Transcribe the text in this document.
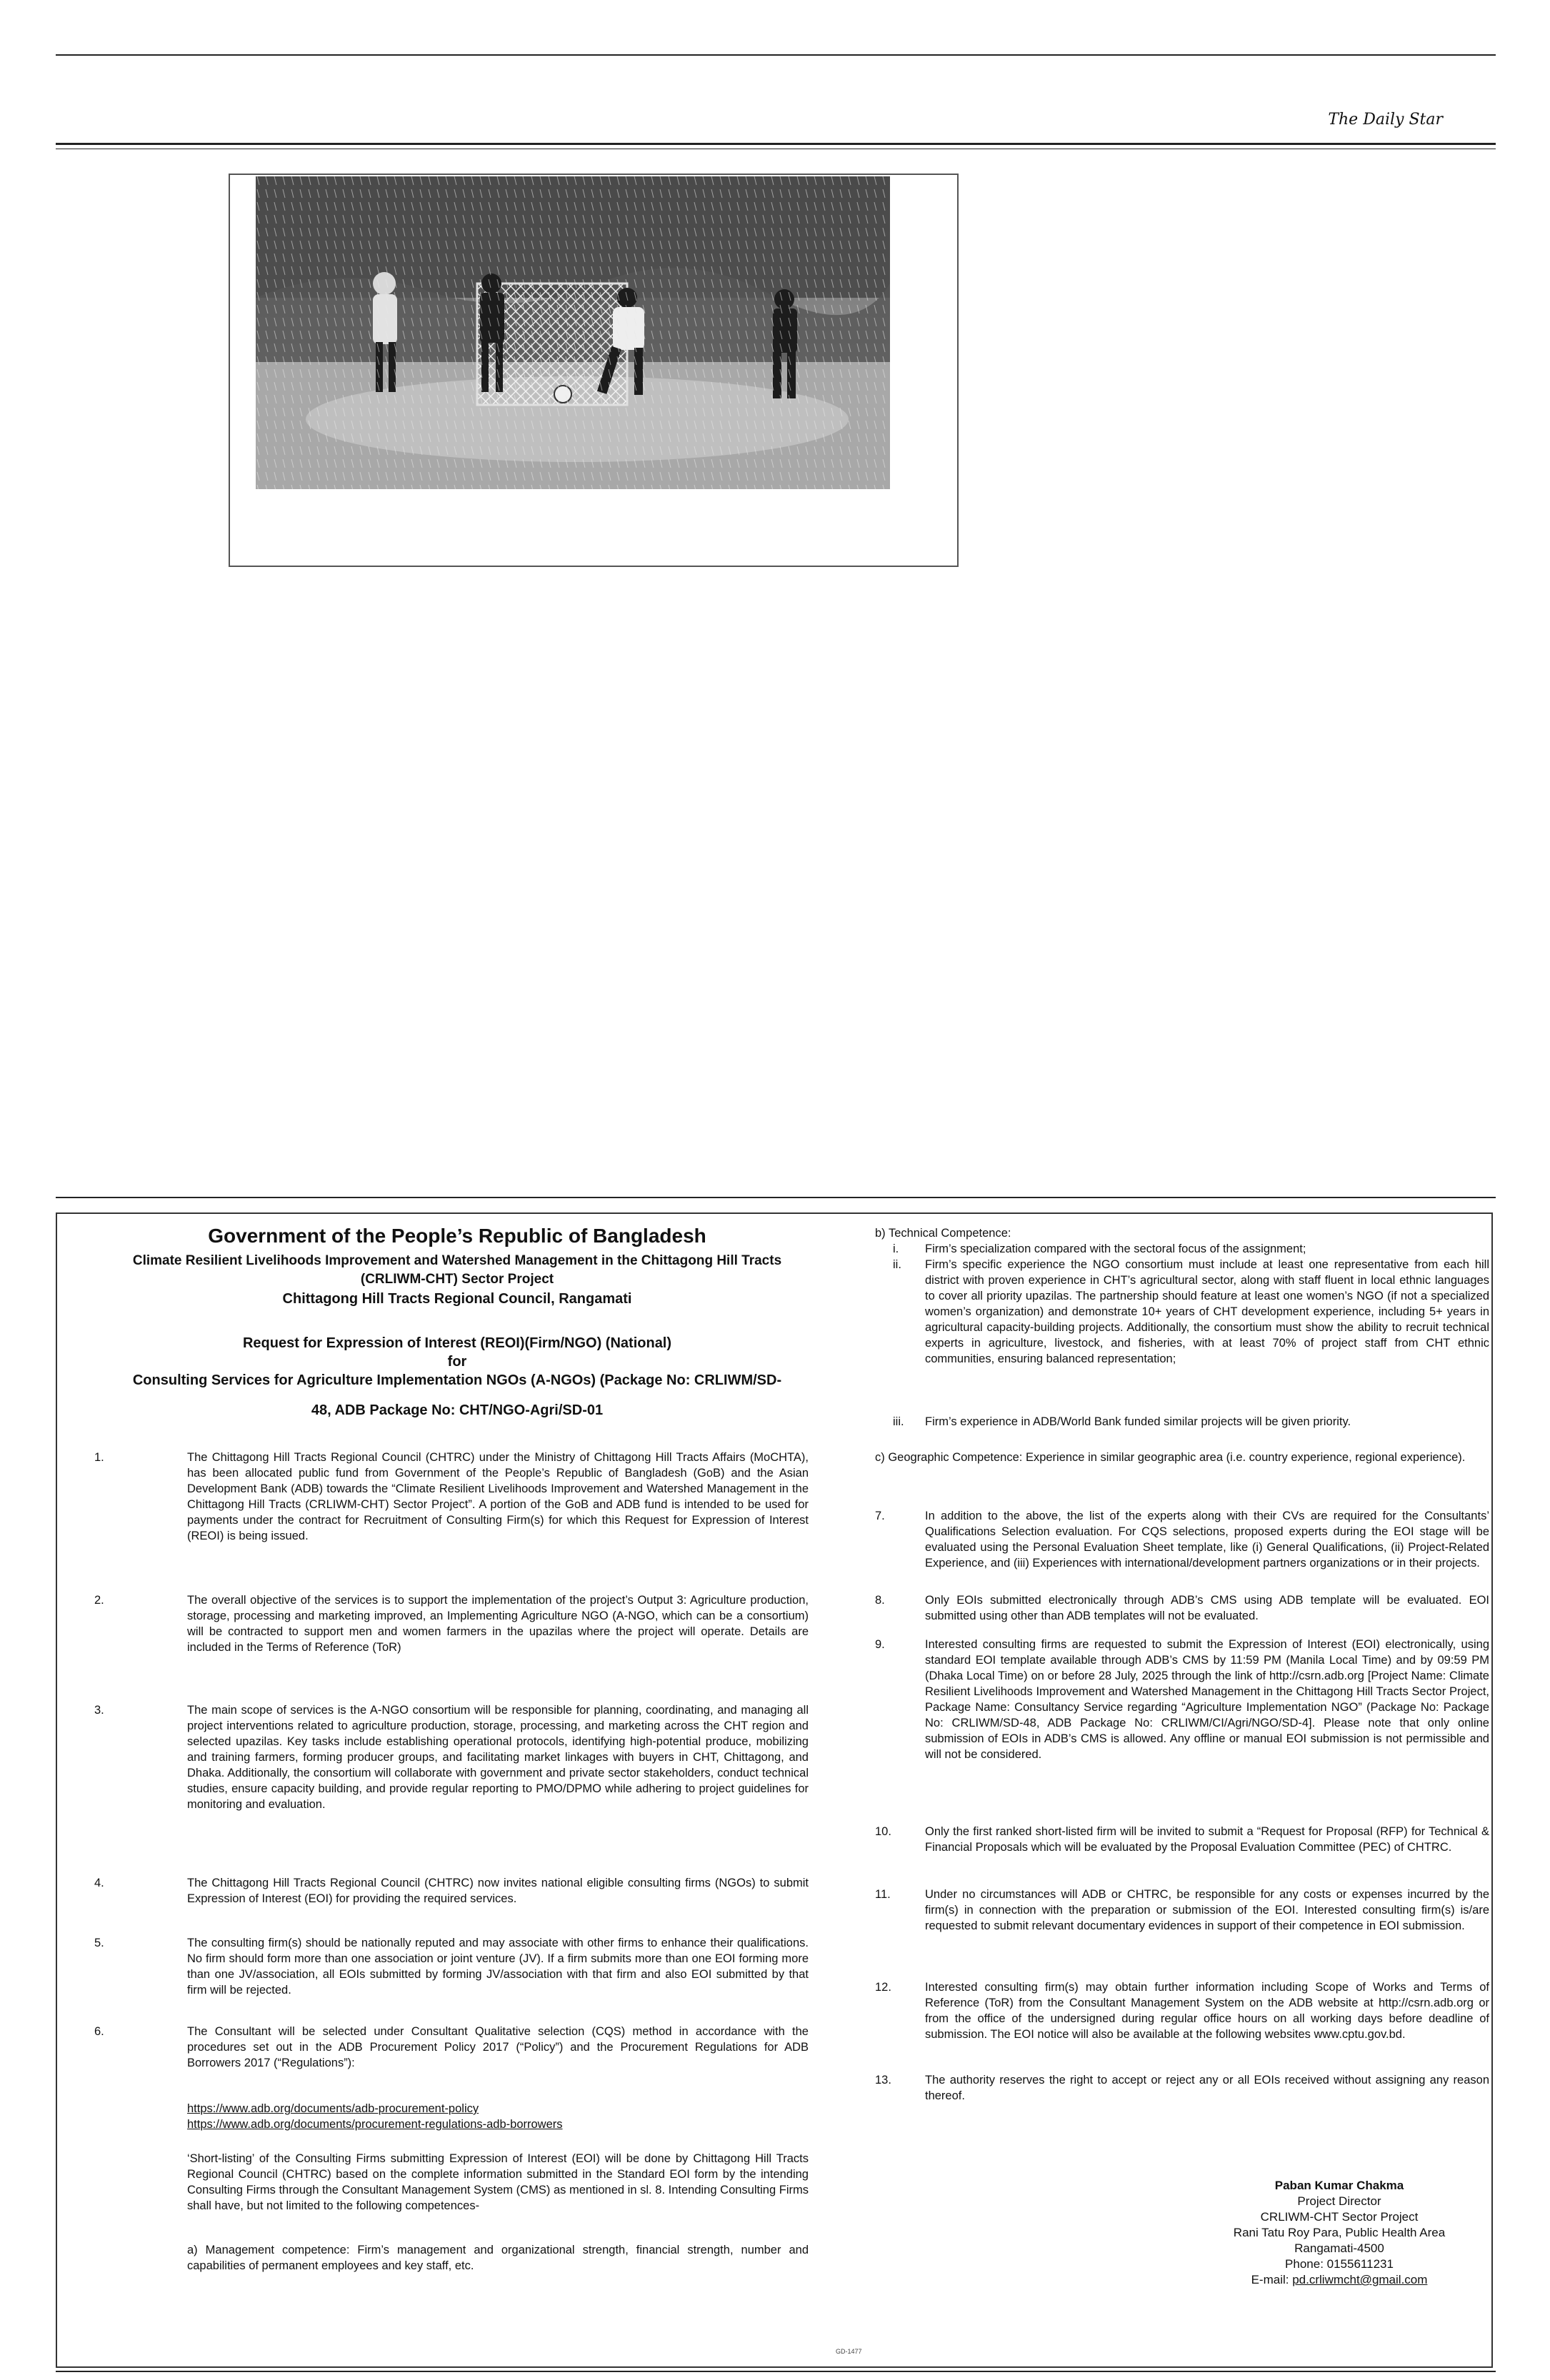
The Daily Star
Government of the People’s Republic of Bangladesh
Climate Resilient Livelihoods Improvement and Watershed Management in the Chittagong Hill Tracts
(CRLIWM-CHT) Sector Project
Chittagong Hill Tracts Regional Council, Rangamati
Request for Expression of Interest (REOI)(Firm/NGO) (National)
for
Consulting Services for Agriculture Implementation NGOs (A-NGOs) (Package No: CRLIWM/SD-
48, ADB Package No: CHT/NGO-Agri/SD-01
1.	The Chittagong Hill Tracts Regional Council (CHTRC) under the Ministry of Chittagong Hill Tracts Affairs (MoCHTA), has been allocated public fund from Government of the People’s Republic of Bangladesh (GoB) and the Asian Development Bank (ADB) towards the “Climate Resilient Livelihoods Improvement and Watershed Management in the Chittagong Hill Tracts (CRLIWM-CHT) Sector Project”. A portion of the GoB and ADB fund is intended to be used for payments under the contract for Recruitment of Consulting Firm(s) for which this Request for Expression of Interest (REOI) is being issued.
2.	The overall objective of the services is to support the implementation of the project’s Output 3: Agriculture production, storage, processing and marketing improved, an Implementing Agriculture NGO (A-NGO, which can be a consortium) will be contracted to support men and women farmers in the upazilas where the project will operate. Details are included in the Terms of Reference (ToR)
3.	The main scope of services is the A-NGO consortium will be responsible for planning, coordinating, and managing all project interventions related to agriculture production, storage, processing, and marketing across the CHT region and selected upazilas. Key tasks include establishing operational protocols, identifying high-potential produce, mobilizing and training farmers, forming producer groups, and facilitating market linkages with buyers in CHT, Chittagong, and Dhaka. Additionally, the consortium will collaborate with government and private sector stakeholders, conduct technical studies, ensure capacity building, and provide regular reporting to PMO/DPMO while adhering to project guidelines for monitoring and evaluation.
4.	The Chittagong Hill Tracts Regional Council (CHTRC) now invites national eligible consulting firms (NGOs) to submit Expression of Interest (EOI) for providing the required services.
5.	The consulting firm(s) should be nationally reputed and may associate with other firms to enhance their qualifications. No firm should form more than one association or joint venture (JV). If a firm submits more than one EOI forming more than one JV/association, all EOIs submitted by forming JV/association with that firm and also EOI submitted by that firm will be rejected.
6.	The Consultant will be selected under Consultant Qualitative selection (CQS) method in accordance with the procedures set out in the ADB Procurement Policy 2017 (“Policy”) and the Procurement Regulations for ADB Borrowers 2017 (“Regulations”):
https://www.adb.org/documents/adb-procurement-policy
https://www.adb.org/documents/procurement-regulations-adb-borrowers
‘Short-listing’ of the Consulting Firms submitting Expression of Interest (EOI) will be done by Chittagong Hill Tracts Regional Council (CHTRC) based on the complete information submitted in the Standard EOI form by the intending Consulting Firms through the Consultant Management System (CMS) as mentioned in sl. 8. Intending Consulting Firms shall have, but not limited to the following competences-
a) Management competence: Firm’s management and organizational strength, financial strength, number and capabilities of permanent employees and key staff, etc.
b) Technical Competence:
i.	Firm’s specialization compared with the sectoral focus of the assignment;
ii.	Firm’s specific experience the NGO consortium must include at least one representative from each hill district with proven experience in CHT’s agricultural sector, along with staff fluent in local ethnic languages to cover all priority upazilas. The partnership should feature at least one women’s NGO (if not a specialized women’s organization) and demonstrate 10+ years of CHT development experience, including 5+ years in agricultural capacity-building projects. Additionally, the consortium must show the ability to recruit technical experts in agriculture, livestock, and fisheries, with at least 70% of project staff from CHT ethnic communities, ensuring balanced representation;
iii.	Firm’s experience in ADB/World Bank funded similar projects will be given priority.
c) Geographic Competence: Experience in similar geographic area (i.e. country experience, regional experience).
7.	In addition to the above, the list of the experts along with their CVs are required for the Consultants’ Qualifications Selection evaluation. For CQS selections, proposed experts during the EOI stage will be evaluated using the Personal Evaluation Sheet template, like (i) General Qualifications, (ii) Project-Related Experience, and (iii) Experiences with international/development partners organizations or in their projects.
8.	Only EOIs submitted electronically through ADB’s CMS using ADB template will be evaluated. EOI submitted using other than ADB templates will not be evaluated.
9.	Interested consulting firms are requested to submit the Expression of Interest (EOI) electronically, using standard EOI template available through ADB’s CMS by 11:59 PM (Manila Local Time) and by 09:59 PM (Dhaka Local Time) on or before 28 July, 2025 through the link of http://csrn.adb.org [Project Name: Climate Resilient Livelihoods Improvement and Watershed Management in the Chittagong Hill Tracts Sector Project, Package Name: Consultancy Service regarding “Agriculture Implementation NGO” (Package No: Package No: CRLIWM/SD-48, ADB Package No: CRLIWM/CI/Agri/NGO/SD-4]. Please note that only online submission of EOIs in ADB’s CMS is allowed. Any offline or manual EOI submission is not permissible and will not be considered.
10.	Only the first ranked short-listed firm will be invited to submit a “Request for Proposal (RFP) for Technical & Financial Proposals which will be evaluated by the Proposal Evaluation Committee (PEC) of CHTRC.
11.	Under no circumstances will ADB or CHTRC, be responsible for any costs or expenses incurred by the firm(s) in connection with the preparation or submission of the EOI. Interested consulting firm(s) is/are requested to submit relevant documentary evidences in support of their competence in EOI submission.
12.	Interested consulting firm(s) may obtain further information including Scope of Works and Terms of Reference (ToR) from the Consultant Management System on the ADB website at http://csrn.adb.org or from the office of the undersigned during regular office hours on all working days before deadline of submission. The EOI notice will also be available at the following websites www.cptu.gov.bd.
13.	The authority reserves the right to accept or reject any or all EOIs received without assigning any reason thereof.
Paban Kumar Chakma
Project Director
CRLIWM-CHT Sector Project
Rani Tatu Roy Para, Public Health Area
Rangamati-4500
Phone: 0155611231
E-mail: pd.crliwmcht@gmail.com
GD-1477
